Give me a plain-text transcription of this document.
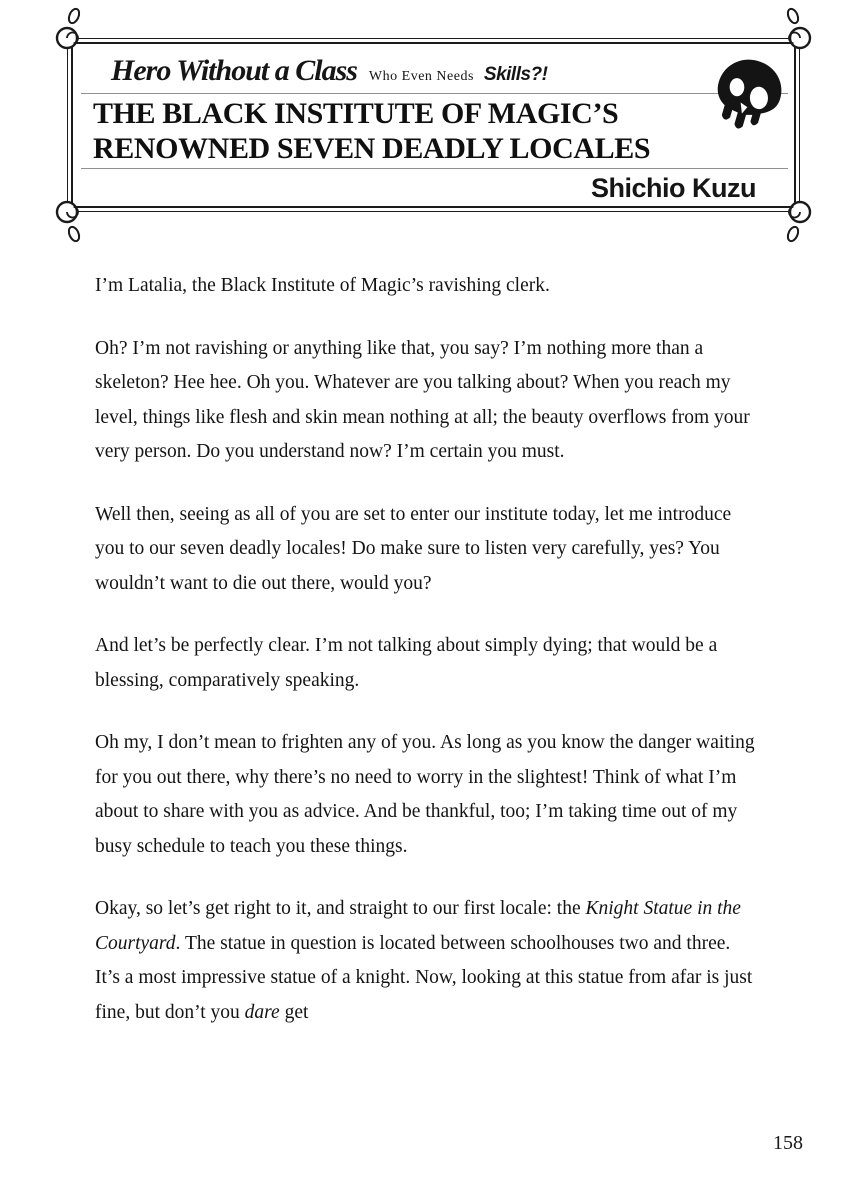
Hero Without a Class Who Even Needs Skills?!
THE BLACK INSTITUTE OF MAGIC’S
RENOWNED SEVEN DEADLY LOCALES
Shichio Kuzu

I’m Latalia, the Black Institute of Magic’s ravishing clerk.

Oh? I’m not ravishing or anything like that, you say? I’m nothing more than a skeleton? Hee hee. Oh you. Whatever are you talking about? When you reach my level, things like flesh and skin mean nothing at all; the beauty overflows from your very person. Do you understand now? I’m certain you must.

Well then, seeing as all of you are set to enter our institute today, let me introduce you to our seven deadly locales! Do make sure to listen very carefully, yes? You wouldn’t want to die out there, would you?

And let’s be perfectly clear. I’m not talking about simply dying; that would be a blessing, comparatively speaking.

Oh my, I don’t mean to frighten any of you. As long as you know the danger waiting for you out there, why there’s no need to worry in the slightest! Think of what I’m about to share with you as advice. And be thankful, too; I’m taking time out of my busy schedule to teach you these things.

Okay, so let’s get right to it, and straight to our first locale: the Knight Statue in the Courtyard. The statue in question is located between schoolhouses two and three. It’s a most impressive statue of a knight. Now, looking at this statue from afar is just fine, but don’t you dare get

158
